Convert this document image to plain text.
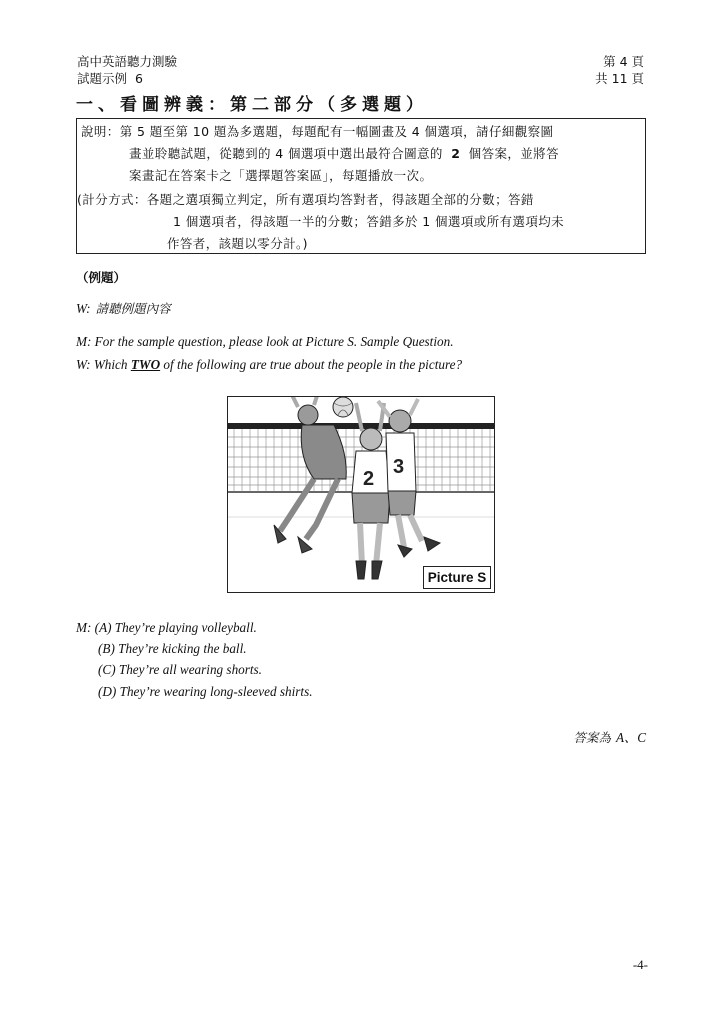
高中英語聽力測驗
試題示例 6
第 4 頁
共 11 頁
一、看圖辨義：第二部分（多選題）
說明：第 5 題至第 10 題為多選題，每題配有一幅圖畫及 4 個選項，請仔細觀察圖
畫並聆聽試題，從聽到的 4 個選項中選出最符合圖意的 2 個答案，並將答
案畫記在答案卡之「選擇題答案區」，每題播放一次。
(計分方式：各題之選項獨立判定，所有選項均答對者，得該題全部的分數；答錯
1 個選項者，得該題一半的分數；答錯多於 1 個選項或所有選項均未
作答者，該題以零分計。)
（例題）
W: 請聽例題內容
M: For the sample question, please look at Picture S. Sample Question.
W: Which TWO of the following are true about the people in the picture?
2
3
Picture S
M: (A) They’re playing volleyball.
(B) They’re kicking the ball.
(C) They’re all wearing shorts.
(D) They’re wearing long-sleeved shirts.
答案為 A、C
-4-
